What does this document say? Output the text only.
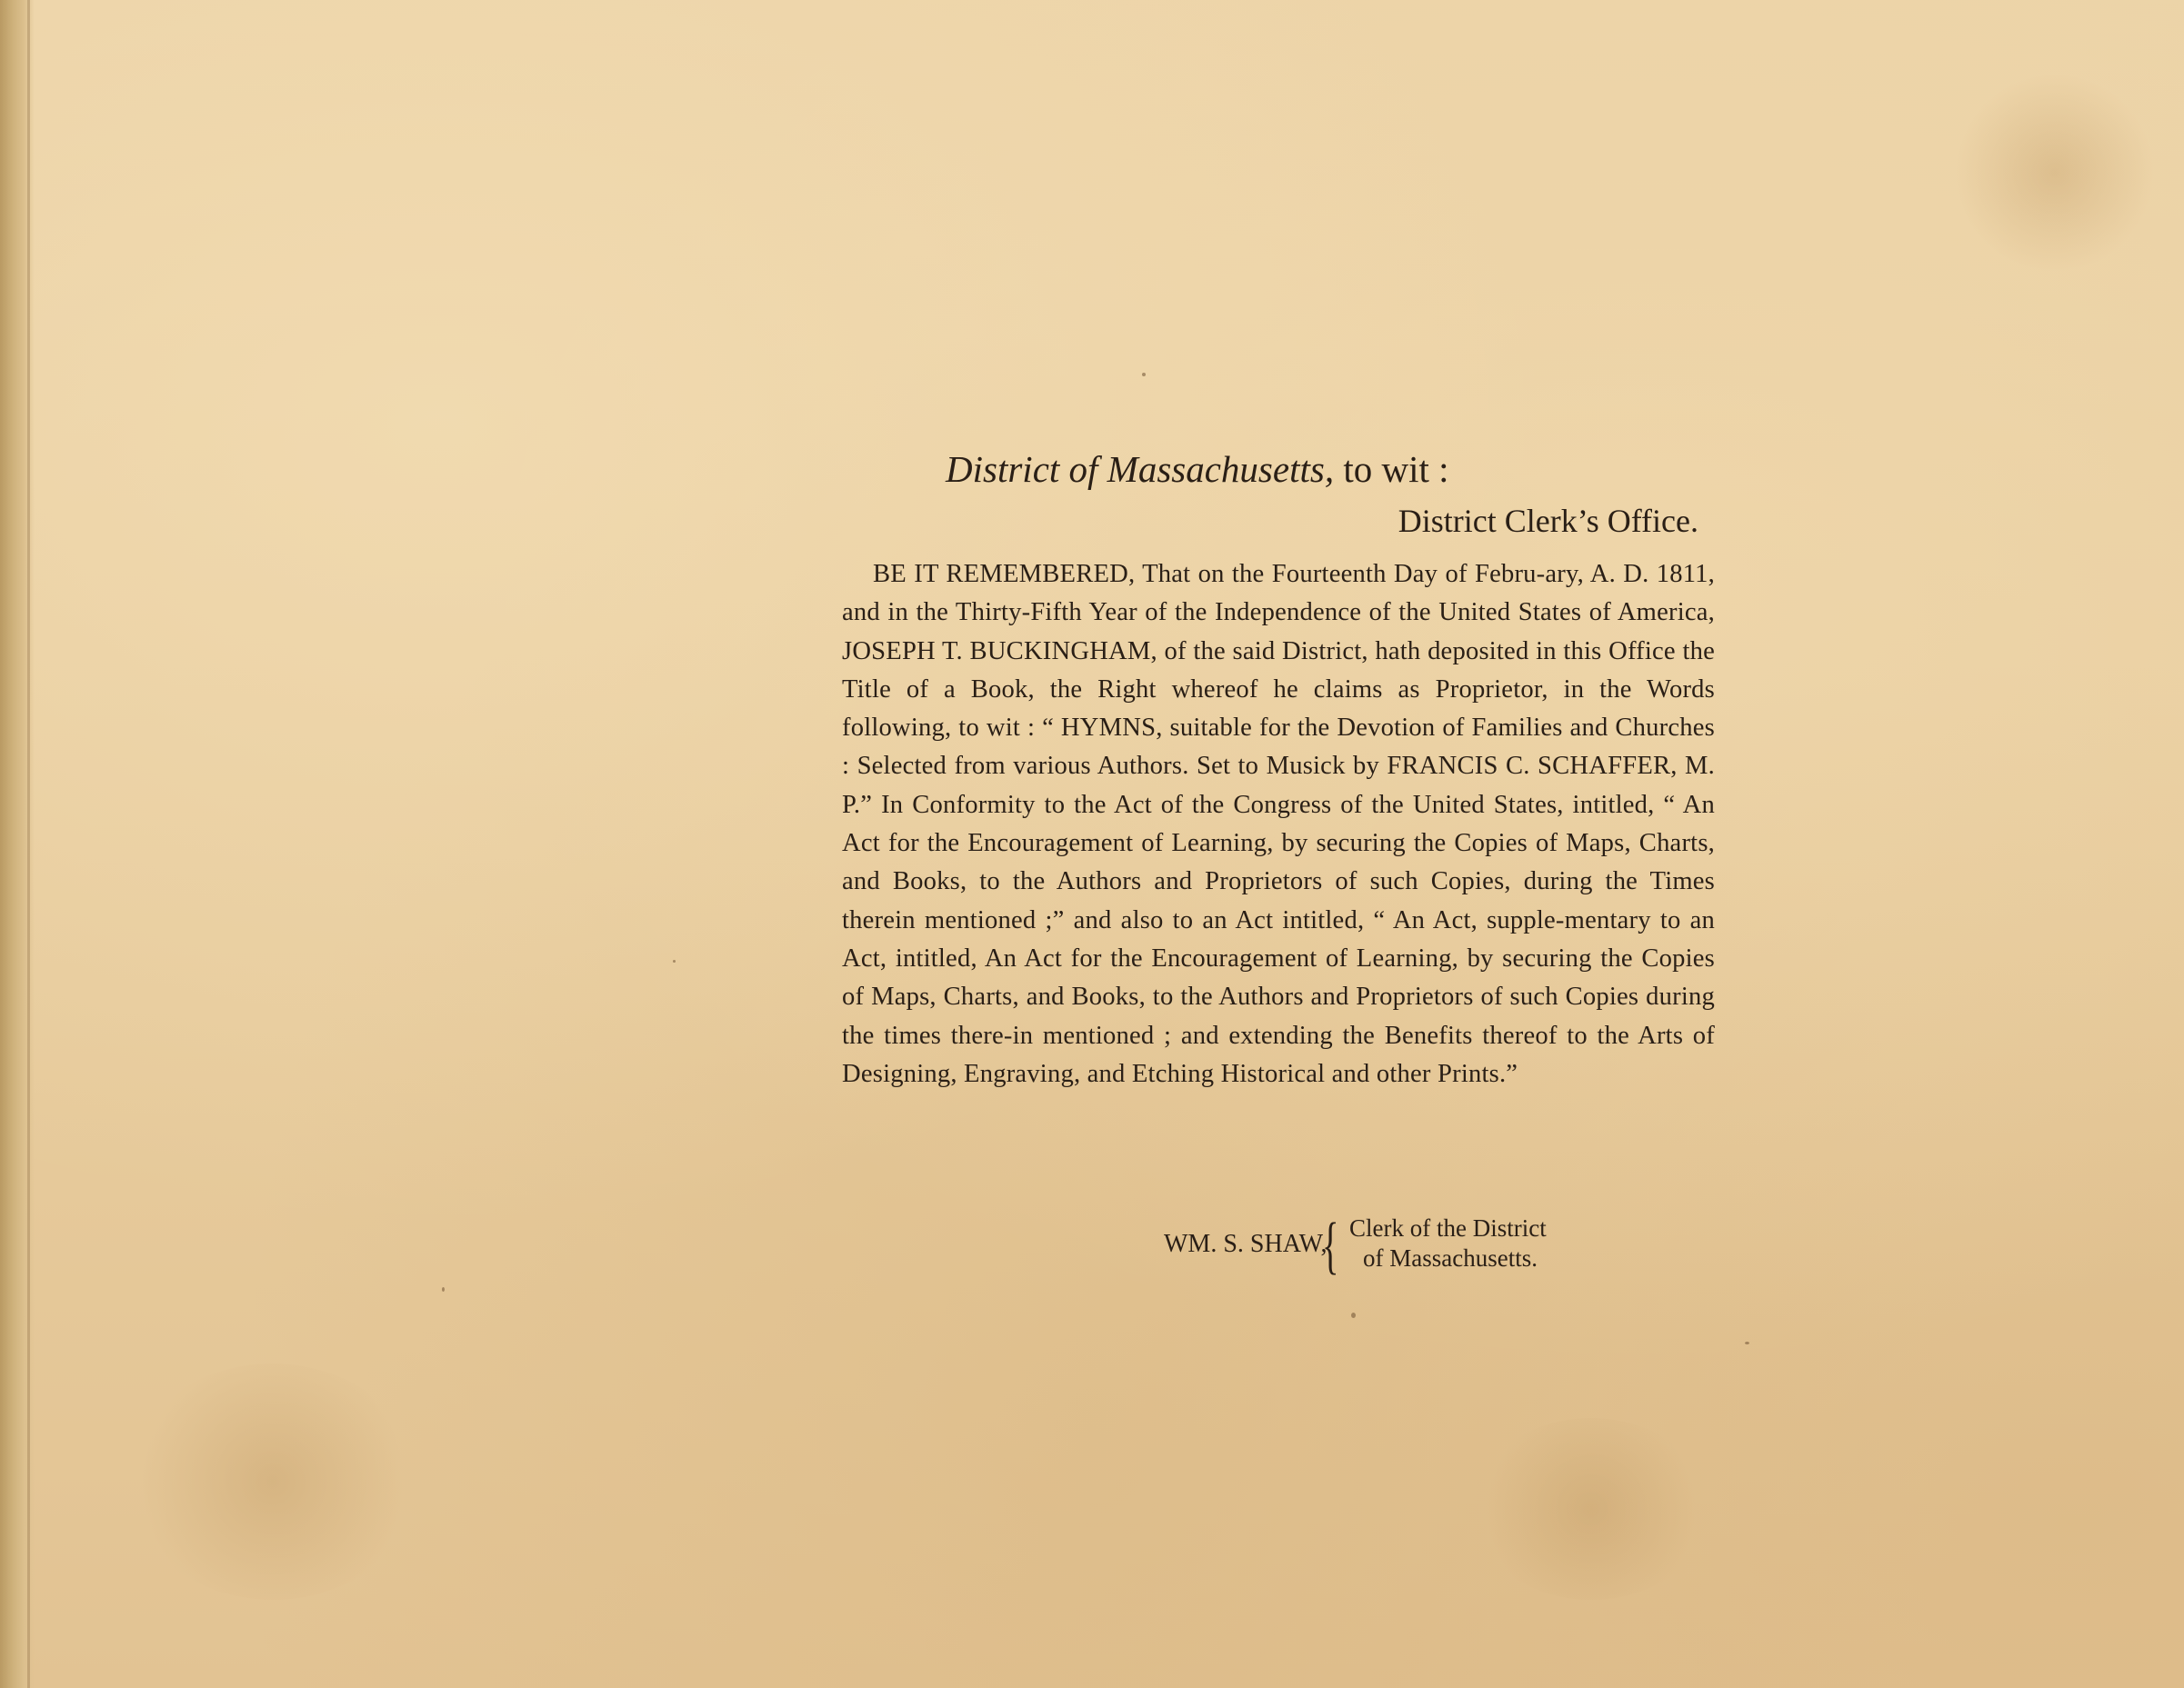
District of Massachusetts, to wit :
District Clerk’s Office.

BE IT REMEMBERED, That on the Fourteenth Day of Febru-ary, A. D. 1811, and in the Thirty-Fifth Year of the Independence of the United States of America, JOSEPH T. BUCKINGHAM, of the said District, hath deposited in this Office the Title of a Book, the Right whereof he claims as Proprietor, in the Words following, to wit : “ HYMNS, suitable for the Devotion of Families and Churches : Selected from various Authors. Set to Musick by FRANCIS C. SCHAFFER, M. P.” In Conformity to the Act of the Congress of the United States, intitled, “ An Act for the Encouragement of Learning, by securing the Copies of Maps, Charts, and Books, to the Authors and Proprietors of such Copies, during the Times therein mentioned ;” and also to an Act intitled, “ An Act, supple-mentary to an Act, intitled, An Act for the Encouragement of Learning, by securing the Copies of Maps, Charts, and Books, to the Authors and Proprietors of such Copies during the times there-in mentioned ; and extending the Benefits thereof to the Arts of Designing, Engraving, and Etching Historical and other Prints.”

WM. S. SHAW,
{ Clerk of the District
of Massachusetts.
